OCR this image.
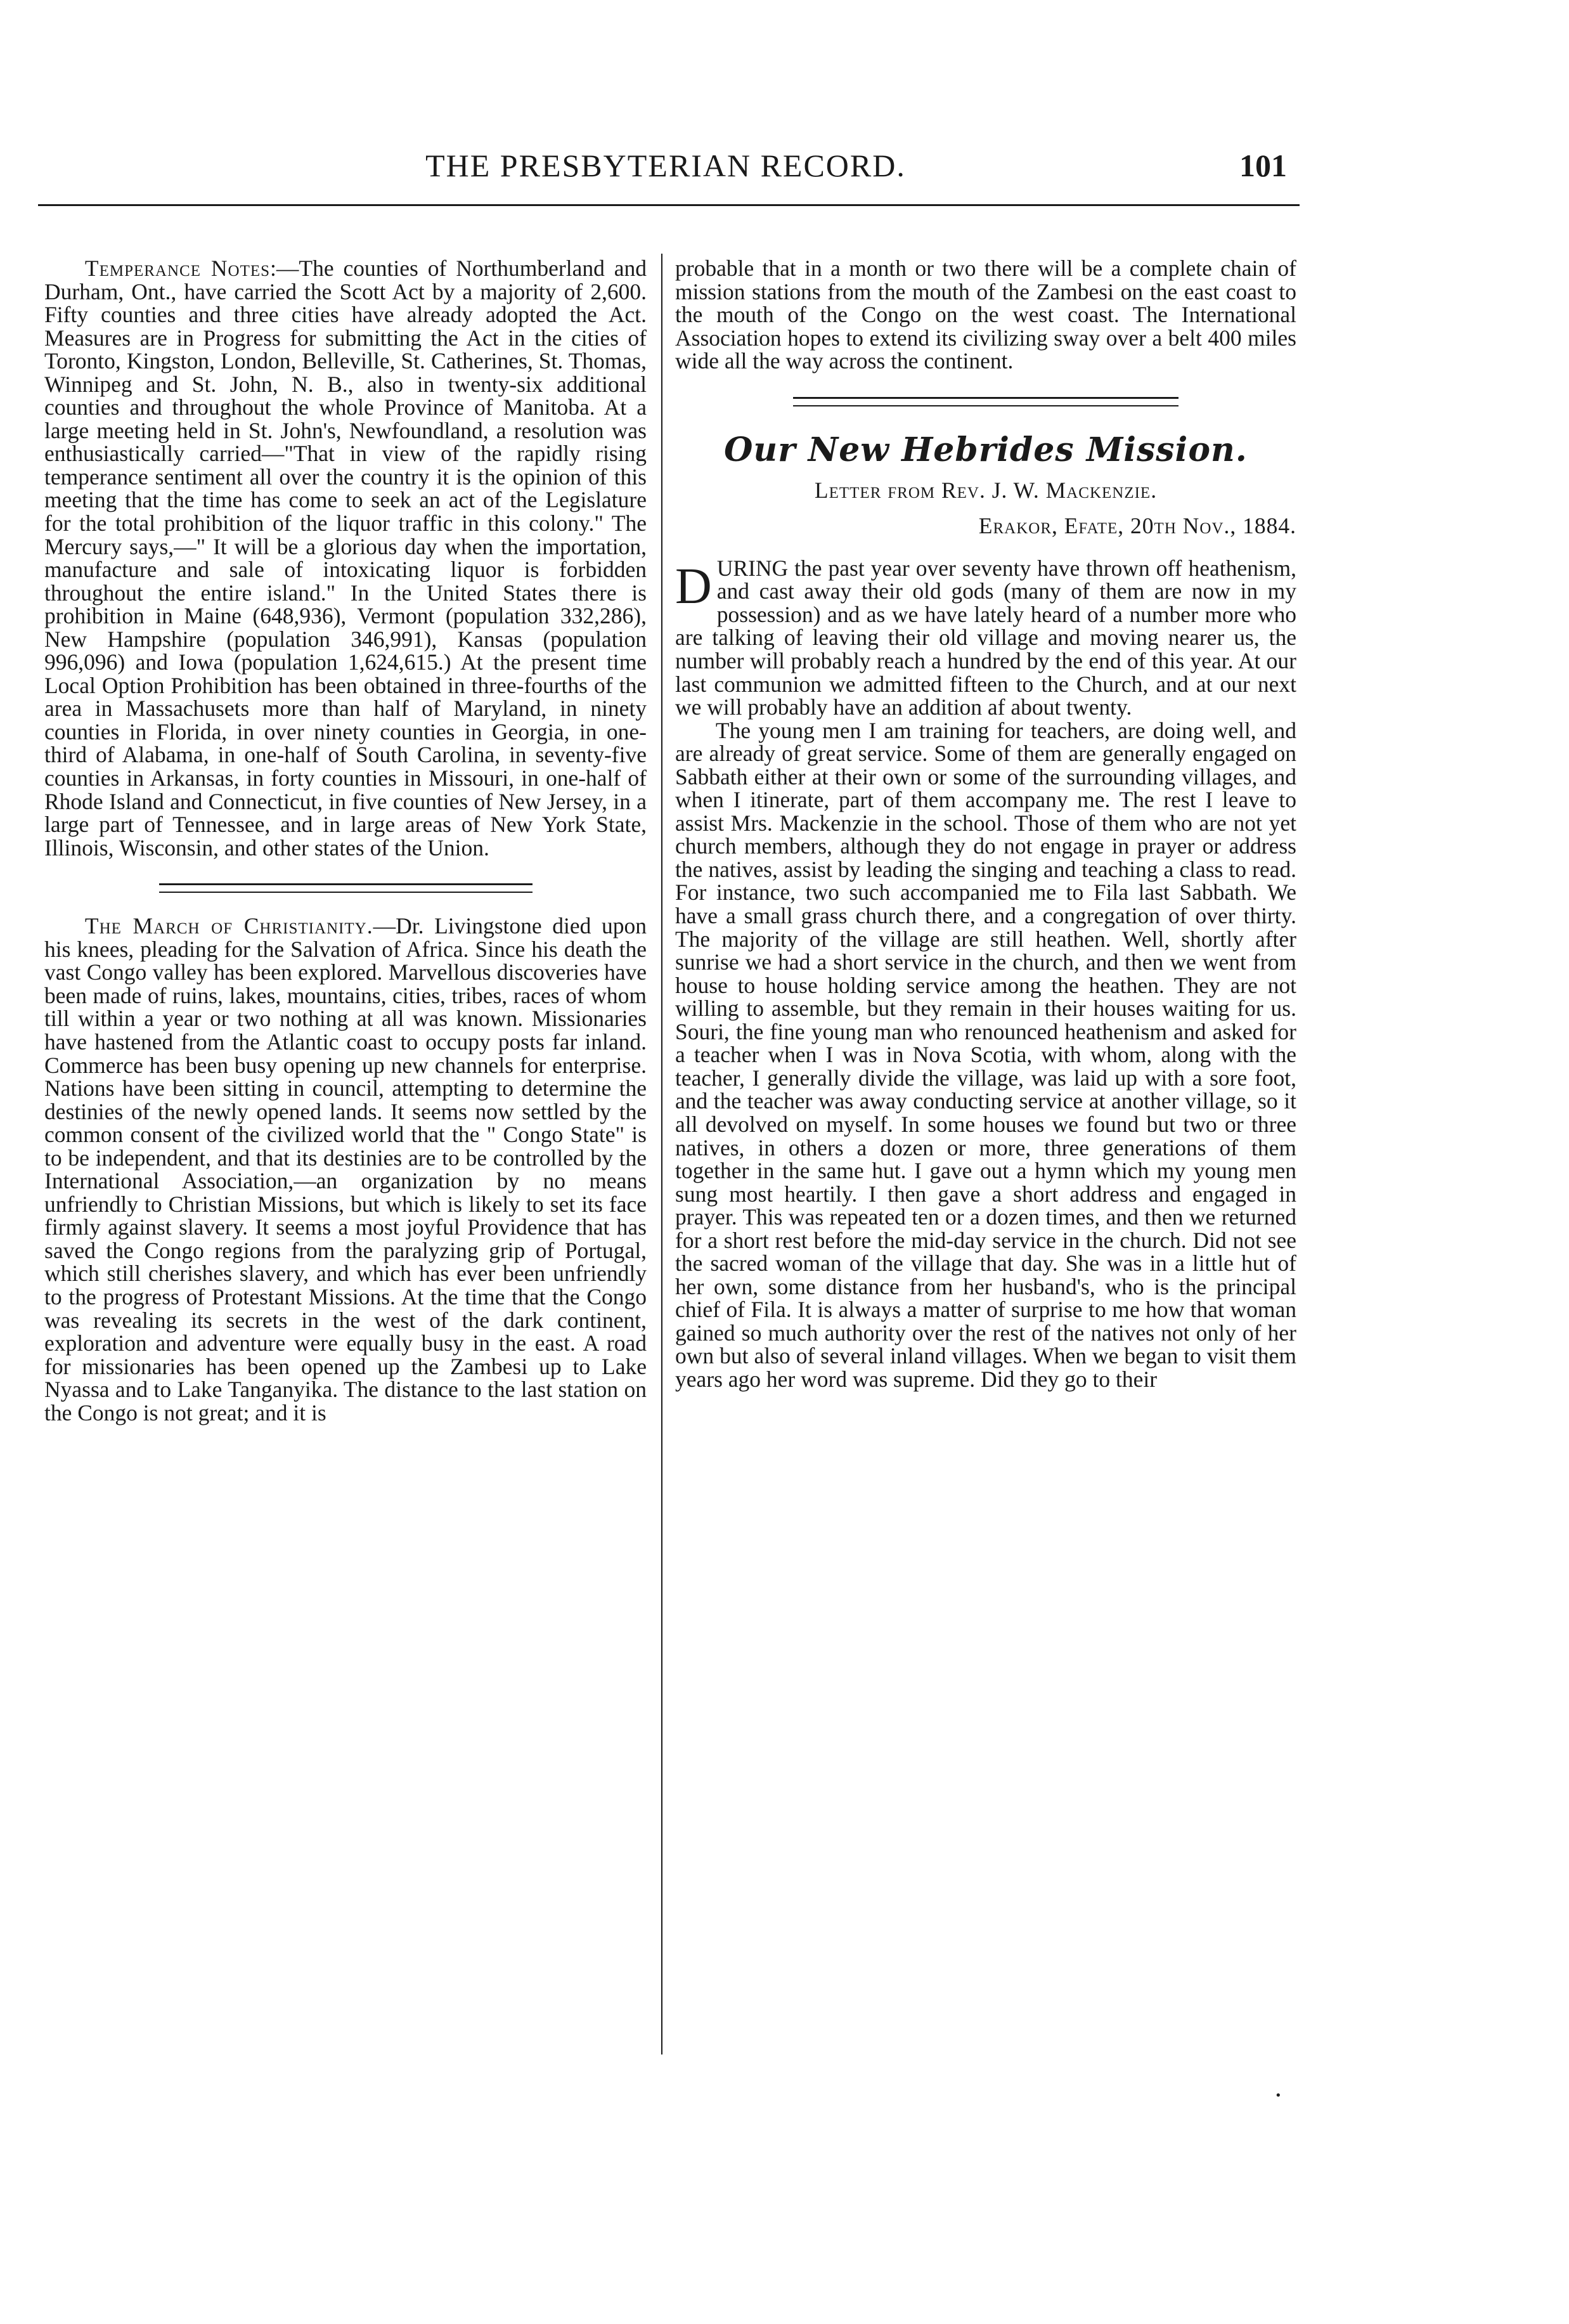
THE PRESBYTERIAN RECORD.	101

Temperance Notes:—The counties of Northumberland and Durham, Ont., have carried the Scott Act by a majority of 2,600. Fifty counties and three cities have already adopted the Act. Measures are in Progress for submitting the Act in the cities of Toronto, Kingston, London, Belleville, St. Catherines, St. Thomas, Winnipeg and St. John, N. B., also in twenty-six additional counties and throughout the whole Province of Manitoba. At a large meeting held in St. John's, Newfoundland, a resolution was enthusiastically carried—"That in view of the rapidly rising temperance sentiment all over the country it is the opinion of this meeting that the time has come to seek an act of the Legislature for the total prohibition of the liquor traffic in this colony." The Mercury says,—" It will be a glorious day when the importation, manufacture and sale of intoxicating liquor is forbidden throughout the entire island." In the United States there is prohibition in Maine (648,936), Vermont (population 332,286), New Hampshire (population 346,991), Kansas (population 996,096) and Iowa (population 1,624,615.) At the present time Local Option Prohibition has been obtained in three-fourths of the area in Massachusets more than half of Maryland, in ninety counties in Florida, in over ninety counties in Georgia, in one-third of Alabama, in one-half of South Carolina, in seventy-five counties in Arkansas, in forty counties in Missouri, in one-half of Rhode Island and Connecticut, in five counties of New Jersey, in a large part of Tennessee, and in large areas of New York State, Illinois, Wisconsin, and other states of the Union.

The March of Christianity.—Dr. Livingstone died upon his knees, pleading for the Salvation of Africa. Since his death the vast Congo valley has been explored. Marvellous discoveries have been made of ruins, lakes, mountains, cities, tribes, races of whom till within a year or two nothing at all was known. Missionaries have hastened from the Atlantic coast to occupy posts far inland. Commerce has been busy opening up new channels for enterprise. Nations have been sitting in council, attempting to determine the destinies of the newly opened lands. It seems now settled by the common consent of the civilized world that the " Congo State" is to be independent, and that its destinies are to be controlled by the International Association,—an organization by no means unfriendly to Christian Missions, but which is likely to set its face firmly against slavery. It seems a most joyful Providence that has saved the Congo regions from the paralyzing grip of Portugal, which still cherishes slavery, and which has ever been unfriendly to the progress of Protestant Missions. At the time that the Congo was revealing its secrets in the west of the dark continent, exploration and adventure were equally busy in the east. A road for missionaries has been opened up the Zambesi up to Lake Nyassa and to Lake Tanganyika. The distance to the last station on the Congo is not great; and it is

probable that in a month or two there will be a complete chain of mission stations from the mouth of the Zambesi on the east coast to the mouth of the Congo on the west coast. The International Association hopes to extend its civilizing sway over a belt 400 miles wide all the way across the continent.

Our New Hebrides Mission.
Letter from Rev. J. W. Mackenzie.
Erakor, Efate, 20th Nov., 1884.

DURING the past year over seventy have thrown off heathenism, and cast away their old gods (many of them are now in my possession) and as we have lately heard of a number more who are talking of leaving their old village and moving nearer us, the number will probably reach a hundred by the end of this year. At our last communion we admitted fifteen to the Church, and at our next we will probably have an addition af about twenty.

The young men I am training for teachers, are doing well, and are already of great service. Some of them are generally engaged on Sabbath either at their own or some of the surrounding villages, and when I itinerate, part of them accompany me. The rest I leave to assist Mrs. Mackenzie in the school. Those of them who are not yet church members, although they do not engage in prayer or address the natives, assist by leading the singing and teaching a class to read. For instance, two such accompanied me to Fila last Sabbath. We have a small grass church there, and a congregation of over thirty. The majority of the village are still heathen. Well, shortly after sunrise we had a short service in the church, and then we went from house to house holding service among the heathen. They are not willing to assemble, but they remain in their houses waiting for us. Souri, the fine young man who renounced heathenism and asked for a teacher when I was in Nova Scotia, with whom, along with the teacher, I generally divide the village, was laid up with a sore foot, and the teacher was away conducting service at another village, so it all devolved on myself. In some houses we found but two or three natives, in others a dozen or more, three generations of them together in the same hut. I gave out a hymn which my young men sung most heartily. I then gave a short address and engaged in prayer. This was repeated ten or a dozen times, and then we returned for a short rest before the mid-day service in the church. Did not see the sacred woman of the village that day. She was in a little hut of her own, some distance from her husband's, who is the principal chief of Fila. It is always a matter of surprise to me how that woman gained so much authority over the rest of the natives not only of her own but also of several inland villages. When we began to visit them years ago her word was supreme. Did they go to their

·
